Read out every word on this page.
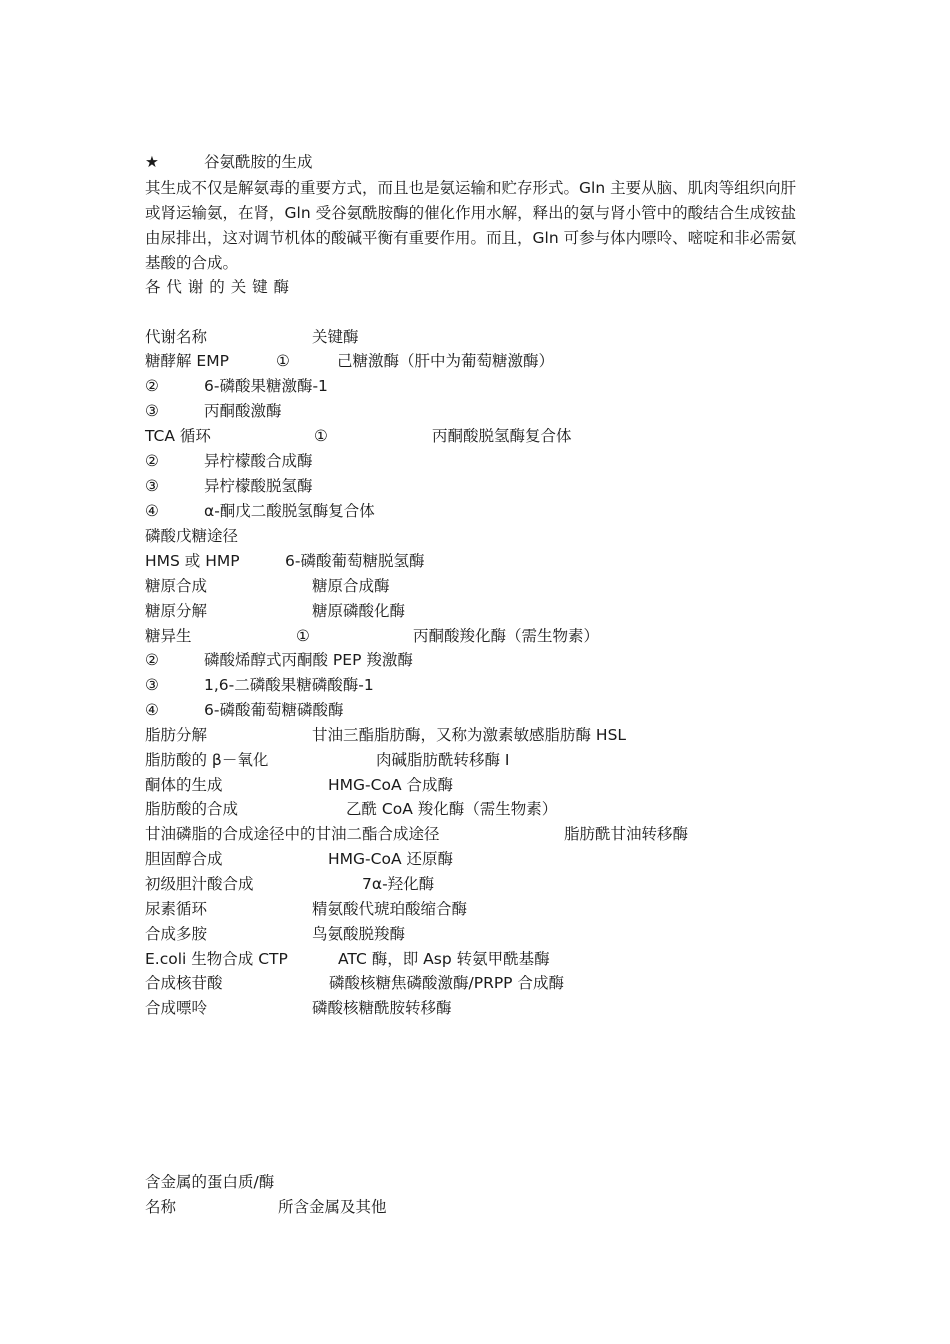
★	谷氨酰胺的生成

其生成不仅是解氨毒的重要方式，而且也是氨运输和贮存形式。Gln 主要从脑、肌肉等组织向肝或肾运输氨，在肾，Gln 受谷氨酰胺酶的催化作用水解，释出的氨与肾小管中的酸结合生成铵盐由尿排出，这对调节机体的酸碱平衡有重要作用。而且，Gln 可参与体内嘌呤、嘧啶和非必需氨基酸的合成。

各 代 谢 的 关 键 酶
代谢名称	关键酶
糖酵解 EMP	①	己糖激酶（肝中为葡萄糖激酶）
②	6-磷酸果糖激酶-1
③	丙酮酸激酶
TCA 循环	①	丙酮酸脱氢酶复合体
②	异柠檬酸合成酶
③	异柠檬酸脱氢酶
④	α-酮戊二酸脱氢酶复合体
磷酸戊糖途径
HMS 或 HMP	6-磷酸葡萄糖脱氢酶
糖原合成	糖原合成酶
糖原分解	糖原磷酸化酶
糖异生	①	丙酮酸羧化酶（需生物素）
②	磷酸烯醇式丙酮酸 PEP 羧激酶
③	1,6-二磷酸果糖磷酸酶-1
④	6-磷酸葡萄糖磷酸酶
脂肪分解	甘油三酯脂肪酶，又称为激素敏感脂肪酶 HSL
脂肪酸的 β－氧化	肉碱脂肪酰转移酶 I
酮体的生成	HMG-CoA 合成酶
脂肪酸的合成	乙酰 CoA 羧化酶（需生物素）
甘油磷脂的合成途径中的甘油二酯合成途径	脂肪酰甘油转移酶
胆固醇合成	HMG-CoA 还原酶
初级胆汁酸合成	7α-羟化酶
尿素循环	精氨酸代琥珀酸缩合酶
合成多胺	鸟氨酸脱羧酶
E.coli 生物合成 CTP	ATC 酶，即 Asp 转氨甲酰基酶
合成核苷酸	磷酸核糖焦磷酸激酶/PRPP 合成酶
合成嘌呤	磷酸核糖酰胺转移酶
含金属的蛋白质/酶
名称	所含金属及其他
